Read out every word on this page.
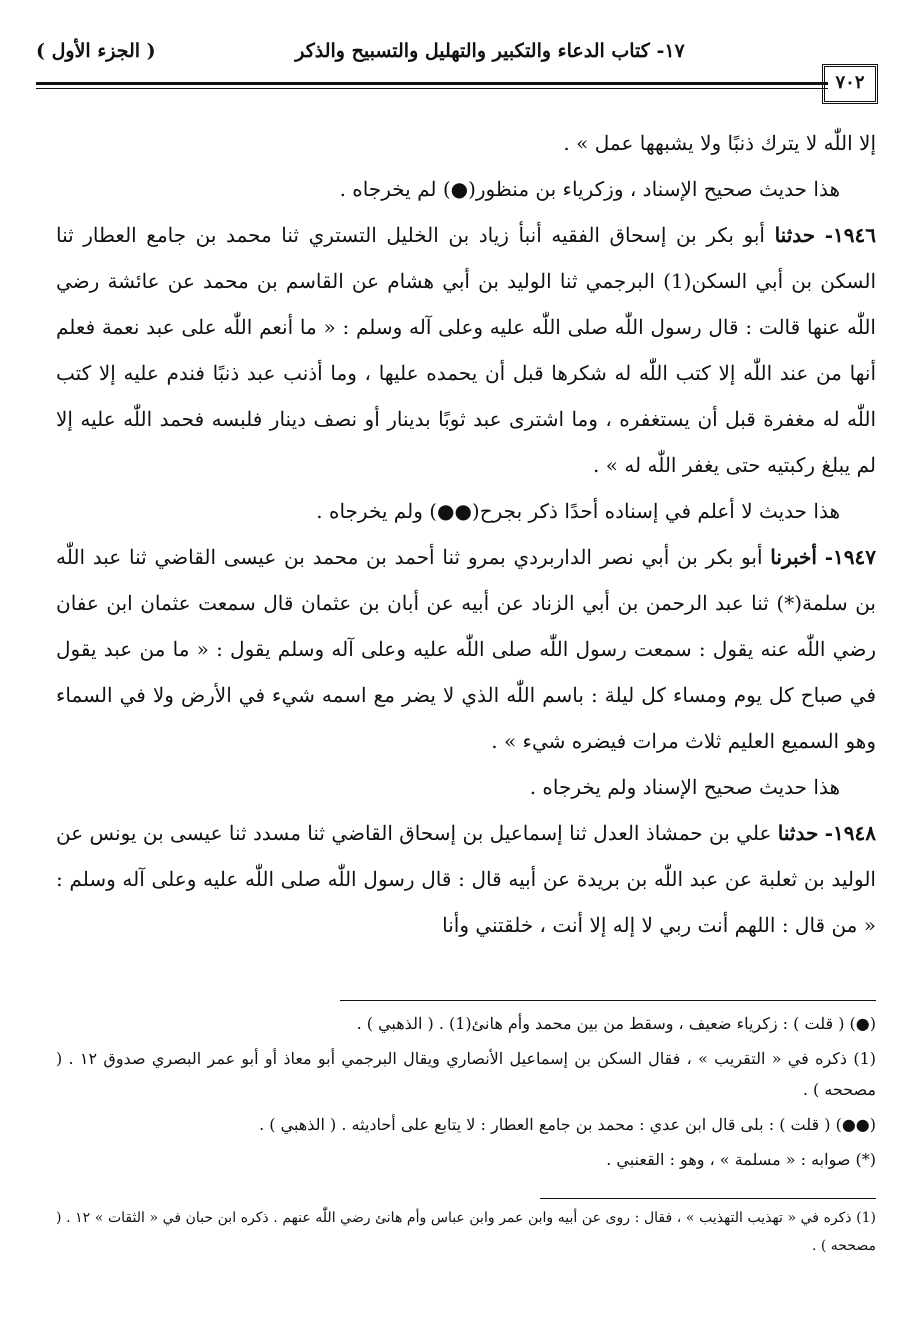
١٧- كتاب الدعاء والتكبير والتهليل والتسبيح والذكر
( الجزء الأول )
٧٠٢

إلا اللّٰه لا يترك ذنبًا ولا يشبهها عمل » .

هذا حديث صحيح الإسناد ، وزكرياء بن منظور(●) لم يخرجاه .

١٩٤٦- حدثنا أبو بكر بن إسحاق الفقيه أنبأ زياد بن الخليل التستري ثنا محمد بن جامع العطار ثنا السكن بن أبي السكن(1) البرجمي ثنا الوليد بن أبي هشام عن القاسم بن محمد عن عائشة رضي اللّٰه عنها قالت : قال رسول اللّٰه صلى اللّٰه عليه وعلى آله وسلم : « ما أنعم اللّٰه على عبد نعمة فعلم أنها من عند اللّٰه إلا كتب اللّٰه له شكرها قبل أن يحمده عليها ، وما أذنب عبد ذنبًا فندم عليه إلا كتب اللّٰه له مغفرة قبل أن يستغفره ، وما اشترى عبد ثوبًا بدينار أو نصف دينار فلبسه فحمد اللّٰه عليه إلا لم يبلغ ركبتيه حتى يغفر اللّٰه له » .

هذا حديث لا أعلم في إسناده أحدًا ذكر بجرح(●●) ولم يخرجاه .

١٩٤٧- أخبرنا أبو بكر بن أبي نصر الداربردي بمرو ثنا أحمد بن محمد بن عيسى القاضي ثنا عبد اللّٰه بن سلمة(*) ثنا عبد الرحمن بن أبي الزناد عن أبيه عن أبان بن عثمان قال سمعت عثمان ابن عفان رضي اللّٰه عنه يقول : سمعت رسول اللّٰه صلى اللّٰه عليه وعلى آله وسلم يقول : « ما من عبد يقول في صباح كل يوم ومساء كل ليلة : باسم اللّٰه الذي لا يضر مع اسمه شيء في الأرض ولا في السماء وهو السميع العليم ثلاث مرات فيضره شيء » .

هذا حديث صحيح الإسناد ولم يخرجاه .

١٩٤٨- حدثنا علي بن حمشاذ العدل ثنا إسماعيل بن إسحاق القاضي ثنا مسدد ثنا عيسى بن يونس عن الوليد بن ثعلبة عن عبد اللّٰه بن بريدة عن أبيه قال : قال رسول اللّٰه صلى اللّٰه عليه وعلى آله وسلم : « من قال : اللهم أنت ربي لا إله إلا أنت ، خلقتني وأنا

(●) ( قلت ) : زكرياء ضعيف ، وسقط من بين محمد وأم هانئ(1) . ( الذهبي ) .

(1) ذكره في « التقريب » ، فقال السكن بن إسماعيل الأنصاري ويقال البرجمي أبو معاذ أو أبو عمر البصري صدوق ١٢ . ( مصححه ) .

(●●) ( قلت ) : بلى قال ابن عدي : محمد بن جامع العطار : لا يتابع على أحاديثه . ( الذهبي ) .

(*) صوابه : « مسلمة » ، وهو : القعنبي .

(1) ذكره في « تهذيب التهذيب » ، فقال : روى عن أبيه وابن عمر وابن عباس وأم هانئ رضي اللّٰه عنهم . ذكره ابن حبان في « الثقات » ١٢ . ( مصححه ) .
